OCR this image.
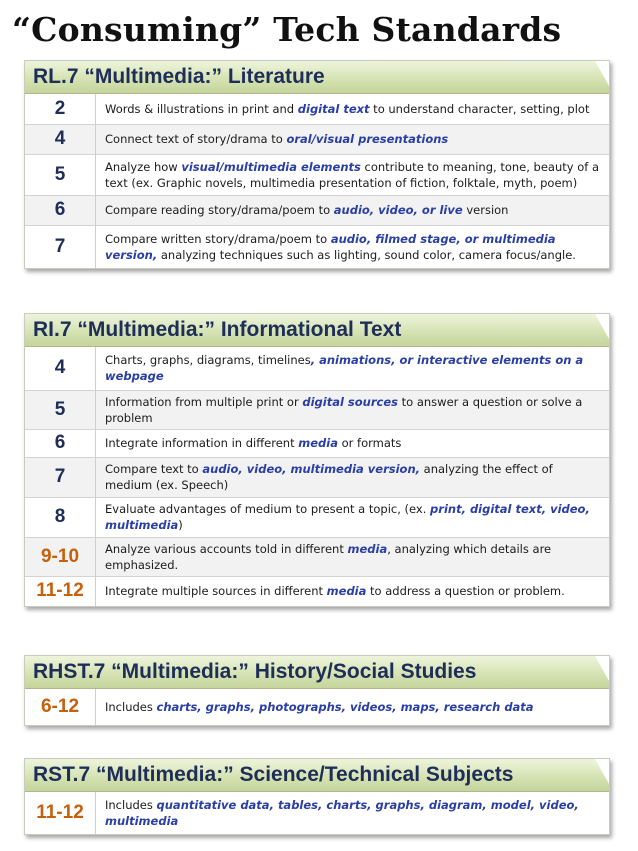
“Consuming” Tech Standards
RL.7 “Multimedia:” Literature
2	Words & illustrations in print and digital text to understand character, setting, plot
4	Connect text of story/drama to oral/visual presentations
5	Analyze how visual/multimedia elements contribute to meaning, tone, beauty of a text (ex. Graphic novels, multimedia presentation of fiction, folktale, myth, poem)
6	Compare reading story/drama/poem to audio, video, or live version
7	Compare written story/drama/poem to audio, filmed stage, or multimedia version, analyzing techniques such as lighting, sound color, camera focus/angle.
RI.7 “Multimedia:” Informational Text
4	Charts, graphs, diagrams, timelines, animations, or interactive elements on a webpage
5	Information from multiple print or digital sources to answer a question or solve a problem
6	Integrate information in different media or formats
7	Compare text to audio, video, multimedia version, analyzing the effect of medium (ex. Speech)
8	Evaluate advantages of medium to present a topic, (ex. print, digital text, video, multimedia)
9-10	Analyze various accounts told in different media, analyzing which details are emphasized.
11-12	Integrate multiple sources in different media to address a question or problem.
RHST.7 “Multimedia:” History/Social Studies
6-12	Includes charts, graphs, photographs, videos, maps, research data
RST.7 “Multimedia:” Science/Technical Subjects
11-12	Includes quantitative data, tables, charts, graphs, diagram, model, video, multimedia
